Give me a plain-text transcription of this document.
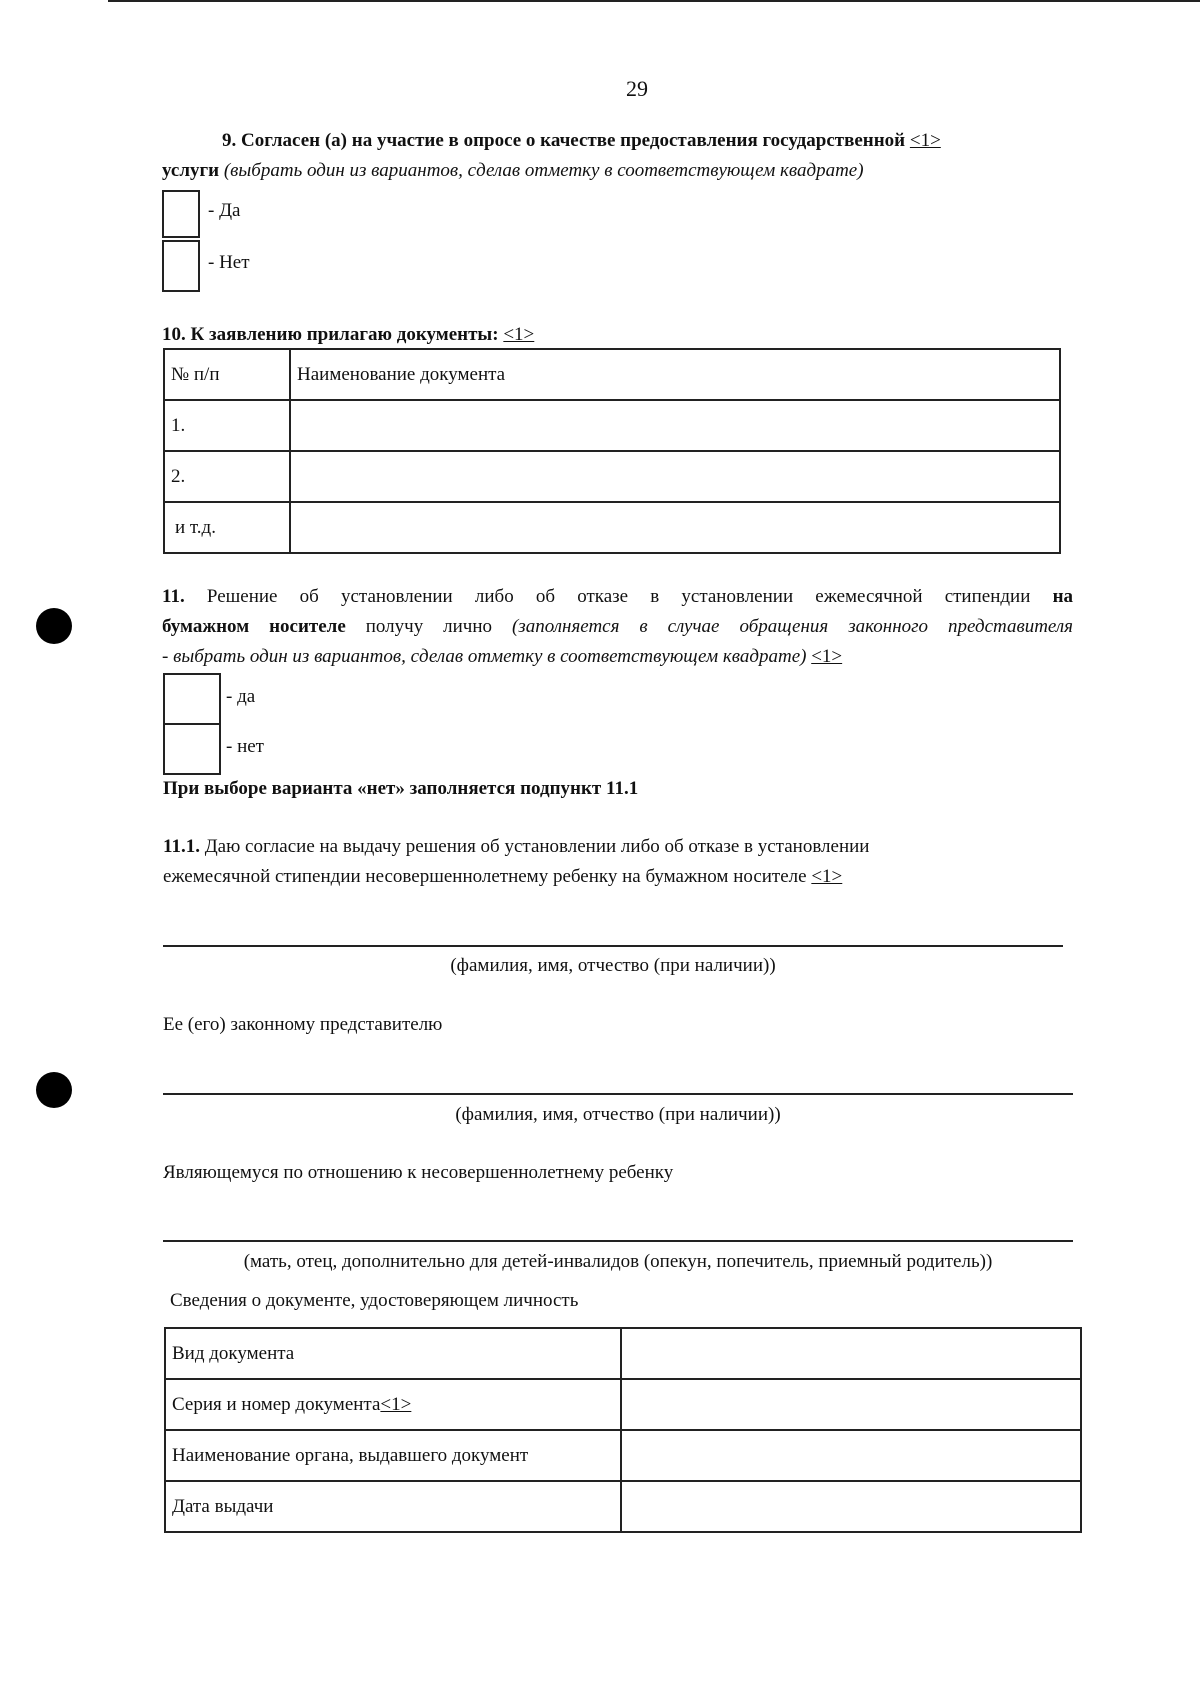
29
9. Согласен (а) на участие в опросе о качестве предоставления государственной <1>
услуги (выбрать один из вариантов, сделав отметку в соответствующем квадрате)
- Да
- Нет
10. К заявлению прилагаю документы: <1>
№ п/п	Наименование документа
1.	
2.	
и т.д.	
11. Решение об установлении либо об отказе в установлении ежемесячной стипендии на
бумажном носителе получу лично (заполняется в случае обращения законного представителя
- выбрать один из вариантов, сделав отметку в соответствующем квадрате) <1>
- да
- нет
При выборе варианта «нет» заполняется подпункт 11.1
11.1. Даю согласие на выдачу решения об установлении либо об отказе в установлении
ежемесячной стипендии несовершеннолетнему ребенку на бумажном носителе <1>
(фамилия, имя, отчество (при наличии))
Ее (его) законному представителю
(фамилия, имя, отчество (при наличии))
Являющемуся по отношению к несовершеннолетнему ребенку
(мать, отец, дополнительно для детей-инвалидов (опекун, попечитель, приемный родитель))
Сведения о документе, удостоверяющем личность
Вид документа	
Серия и номер документа<1>	
Наименование органа, выдавшего документ	
Дата выдачи	
